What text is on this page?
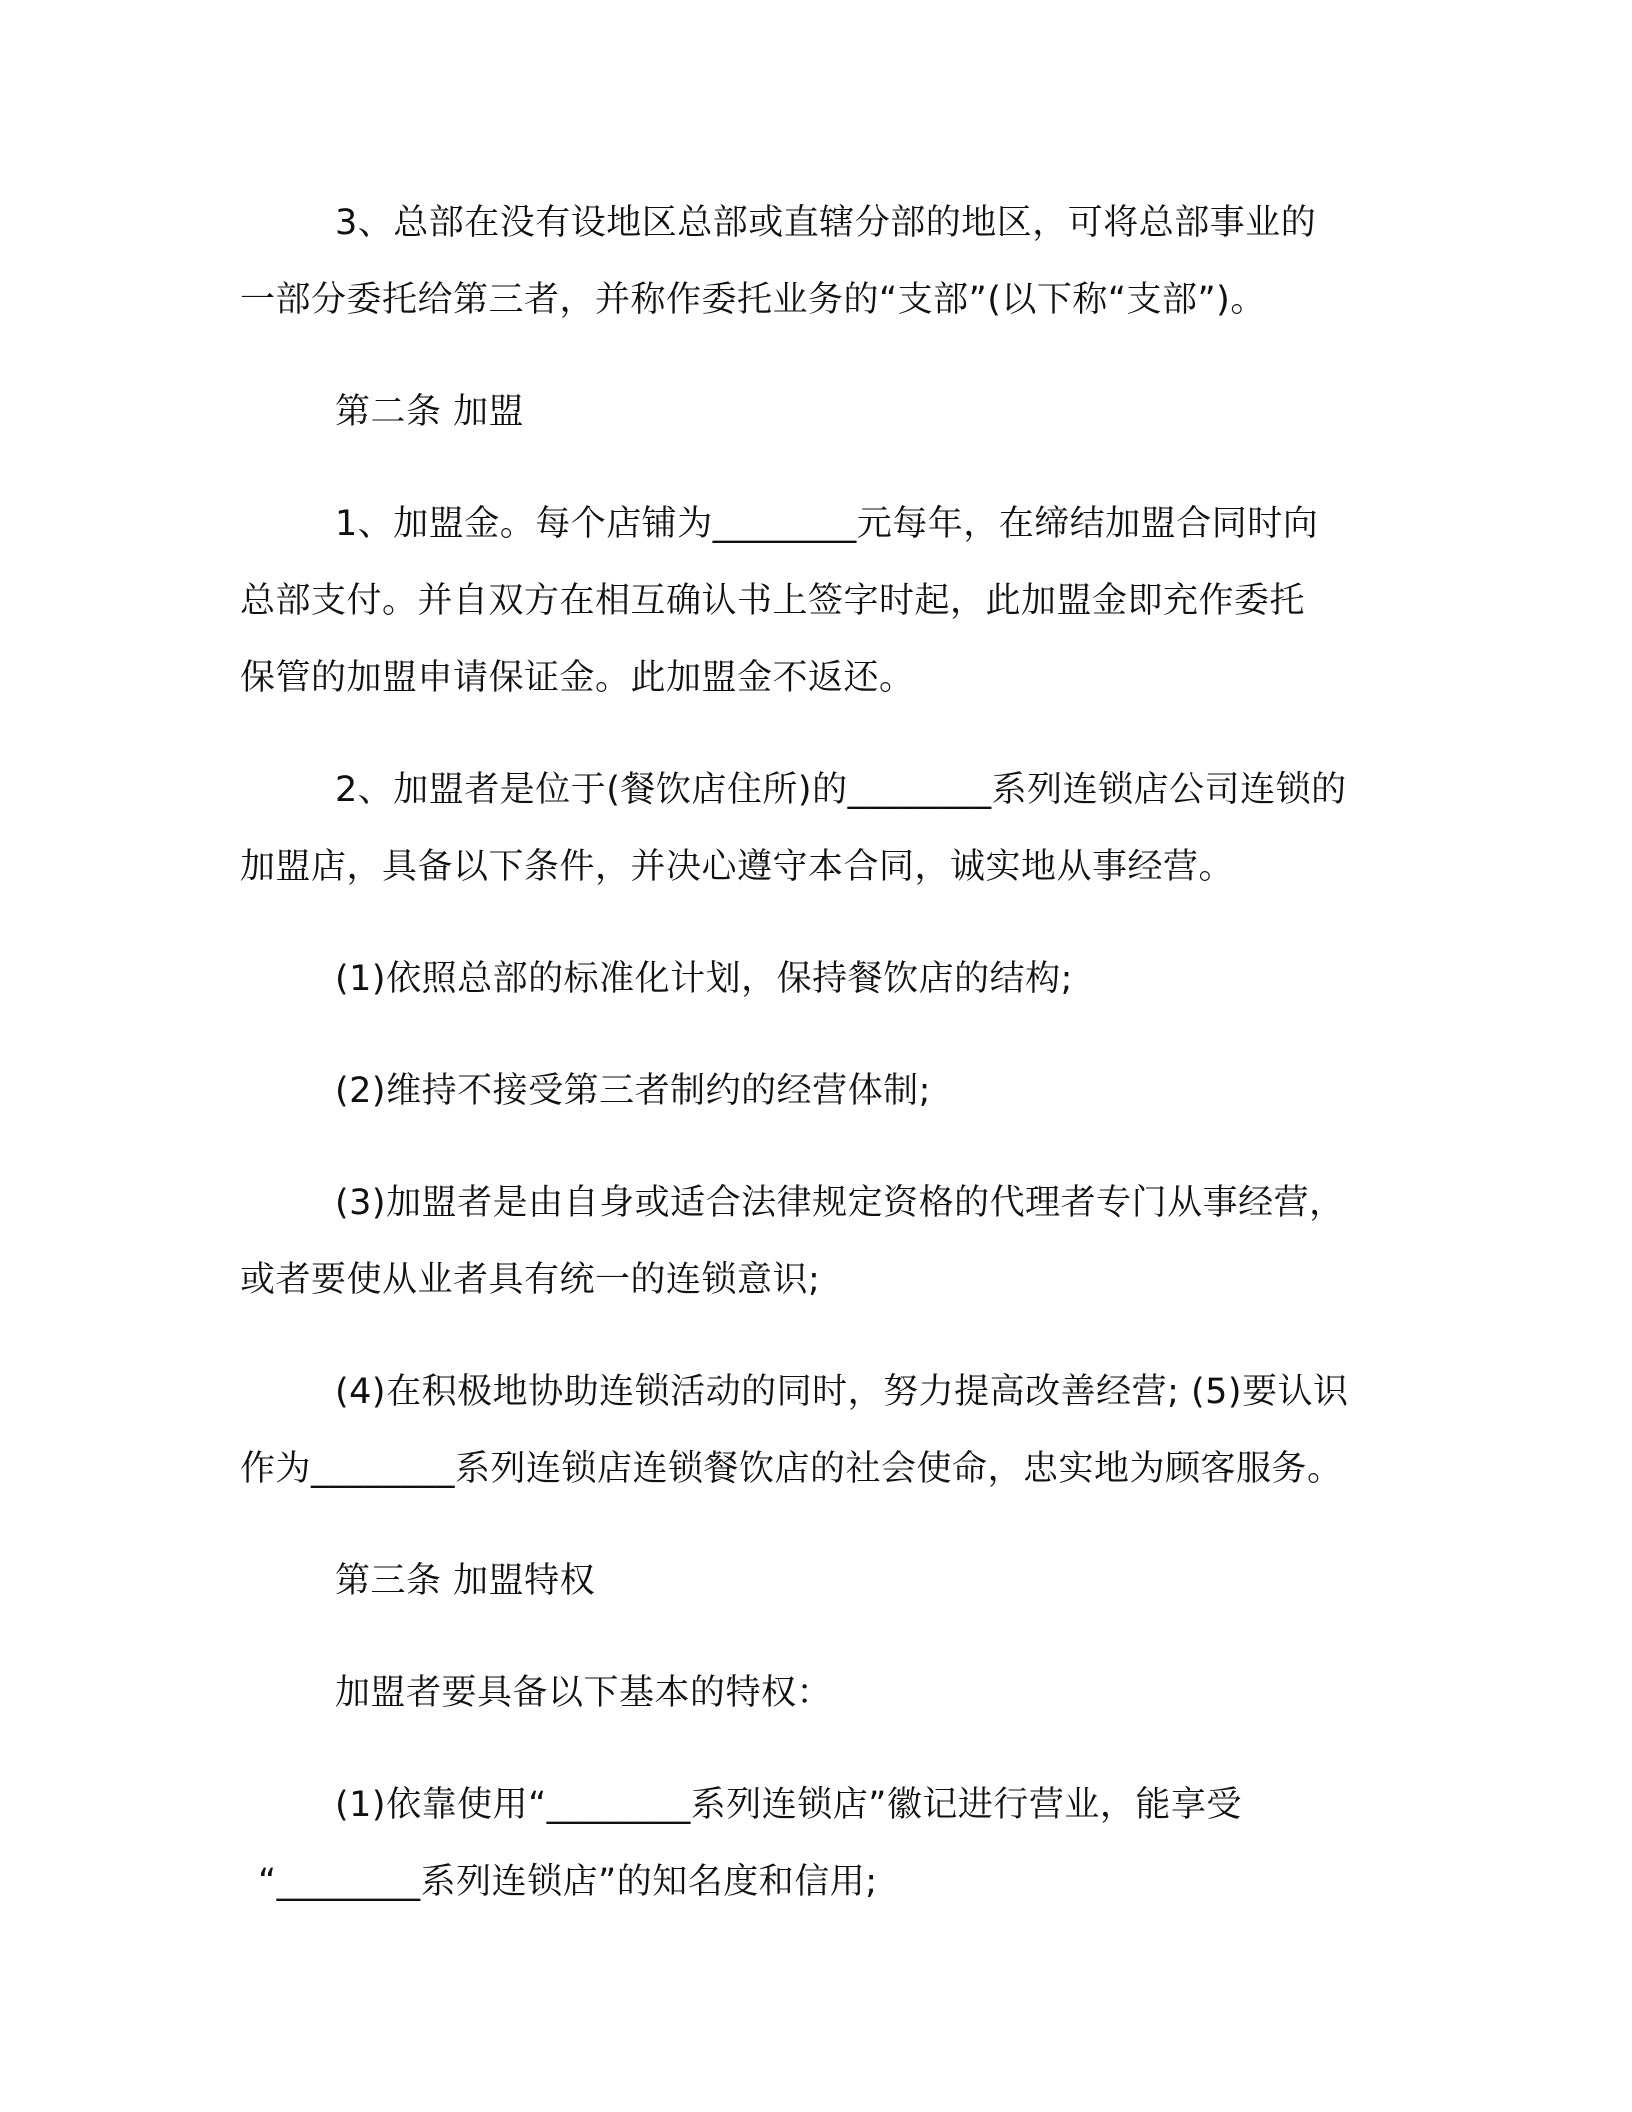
3、总部在没有设地区总部或直辖分部的地区，可将总部事业的
一部分委托给第三者，并称作委托业务的“支部”(以下称“支部”)。

第二条 加盟

1、加盟金。每个店铺为________元每年，在缔结加盟合同时向
总部支付。并自双方在相互确认书上签字时起，此加盟金即充作委托
保管的加盟申请保证金。此加盟金不返还。

2、加盟者是位于(餐饮店住所)的________系列连锁店公司连锁的
加盟店，具备以下条件，并决心遵守本合同，诚实地从事经营。

(1)依照总部的标准化计划，保持餐饮店的结构;

(2)维持不接受第三者制约的经营体制;

(3)加盟者是由自身或适合法律规定资格的代理者专门从事经营，
或者要使从业者具有统一的连锁意识;

(4)在积极地协助连锁活动的同时，努力提高改善经营; (5)要认识
作为________系列连锁店连锁餐饮店的社会使命，忠实地为顾客服务。

第三条 加盟特权

加盟者要具备以下基本的特权：

(1)依靠使用“________系列连锁店”徽记进行营业，能享受
“________系列连锁店”的知名度和信用;
